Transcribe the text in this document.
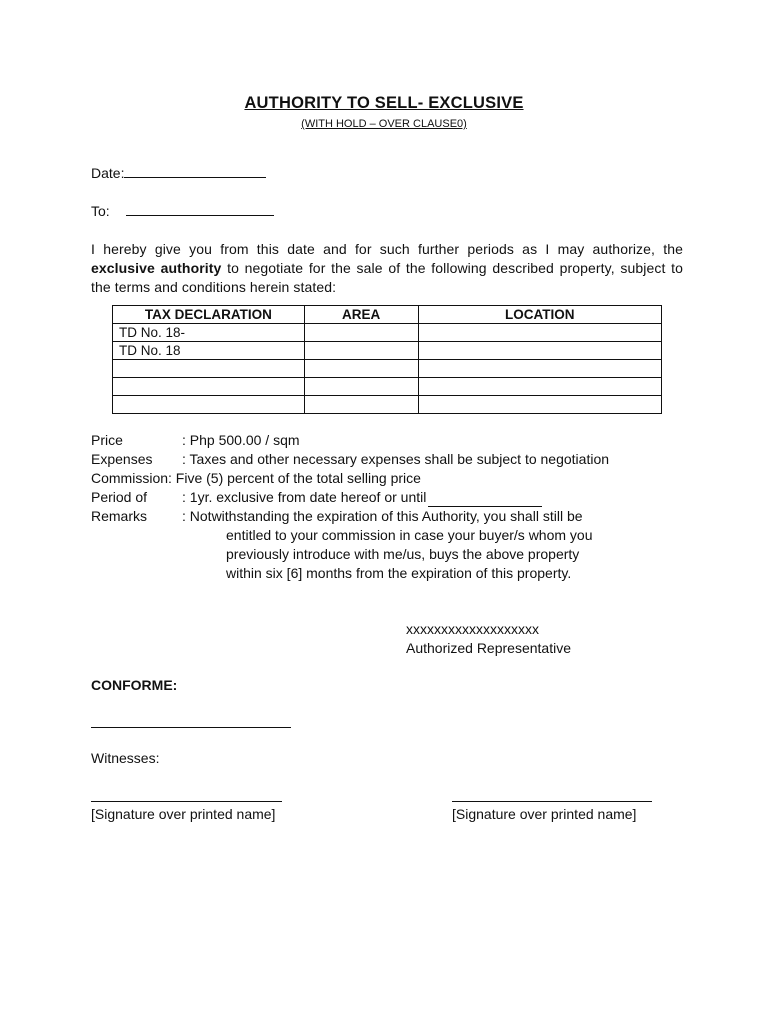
AUTHORITY TO SELL- EXCLUSIVE
(WITH HOLD – OVER CLAUSE0)
Date:
To:
I hereby give you from this date and for such further periods as I may authorize, the exclusive authority to negotiate for the sale of the following described property, subject to the terms and conditions herein stated:
TAX DECLARATION	AREA	LOCATION
TD No. 18-		
TD No. 18		

Price	: Php 500.00 / sqm
Expenses	: Taxes and other necessary expenses shall be subject to negotiation
Commission: Five (5) percent of the total selling price
Period of	: 1yr. exclusive from date hereof or until
Remarks	: Notwithstanding the expiration of this Authority, you shall still be
entitled to your commission in case your buyer/s whom you
previously introduce with me/us, buys the above property
within six [6] months from the expiration of this property.
xxxxxxxxxxxxxxxxxxx
Authorized Representative
CONFORME:
Witnesses:
[Signature over printed name]	[Signature over printed name]
